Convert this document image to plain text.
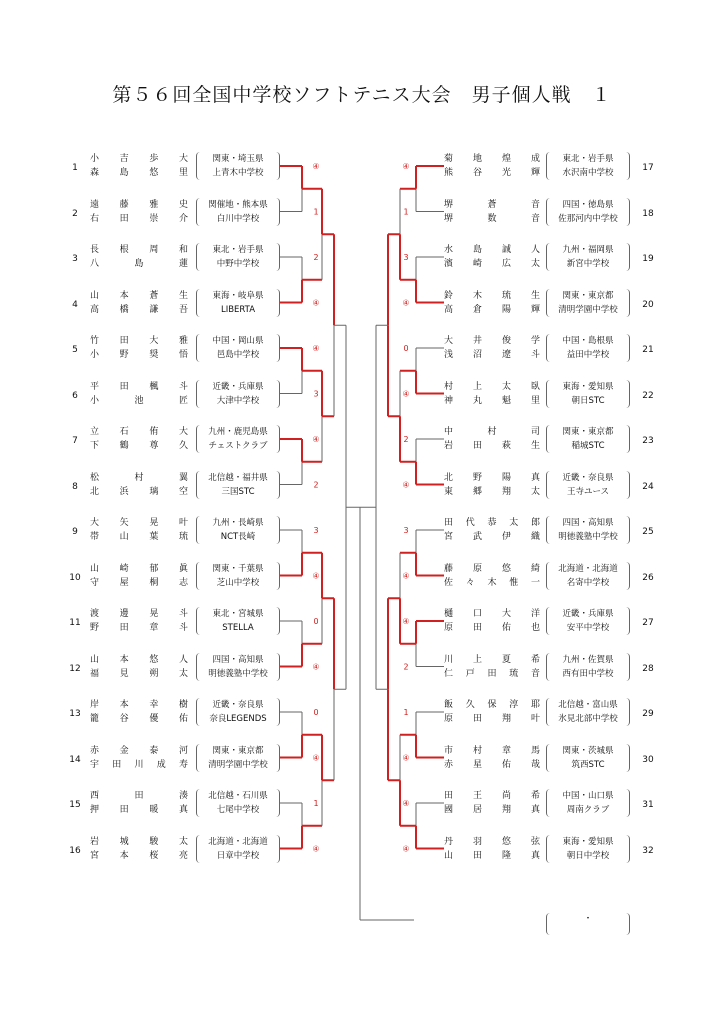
第５６回全国中学校ソフトテニス大会　男子個人戦　１
1
小吉歩大
森島悠里
関東・埼玉県
上青木中学校
2
遠藤雅史
右田崇介
関催地・熊本県
白川中学校
3
長根周和
八島蓮
東北・岩手県
中野中学校
4
山本蒼生
高橋謙吾
東海・岐阜県
LIBERTA
5
竹田大雅
小野奨悟
中国・岡山県
邑島中学校
6
平田楓斗
小池匠
近畿・兵庫県
大津中学校
7
立石侑大
下鶴尊久
九州・鹿児島県
チェストクラブ
8
松村翼
北浜璃空
北信越・福井県
三国STC
9
大矢晃叶
帯山葉琉
九州・長崎県
NCT長崎
10
山崎郁眞
守屋桐志
関東・千葉県
芝山中学校
11
渡邊晃斗
野田章斗
東北・宮城県
STELLA
12
山本悠人
福見朔太
四国・高知県
明徳義塾中学校
13
岸本幸樹
籠谷優佑
近畿・奈良県
奈良LEGENDS
14
赤金泰河
宇田川成寿
関東・東京都
清明学園中学校
15
西田湊
押田暖真
北信越・石川県
七尾中学校
16
岩城駿太
宮本桜亮
北海道・北海道
日章中学校
17
菊地煌成
熊谷光輝
東北・岩手県
水沢南中学校
18
堺蒼音
堺数音
四国・徳島県
佐那河内中学校
19
水島誠人
濱崎広太
九州・福岡県
新宮中学校
20
鈴木琉生
高倉陽輝
関東・東京都
清明学園中学校
21
大井俊学
浅沼遼斗
中国・島根県
益田中学校
22
村上太臥
神丸魁里
東海・愛知県
朝日STC
23
中村司
岩田萩生
関東・東京都
稲城STC
24
北野陽真
東郷翔太
近畿・奈良県
王寺ユース
25
田代恭太郎
宮武伊織
四国・高知県
明徳義塾中学校
26
藤原悠綺
佐々木惟一
北海道・北海道
名寄中学校
27
樋口大洋
原田佑也
近畿・兵庫県
安平中学校
28
川上夏希
仁戸田琉音
九州・佐賀県
西有田中学校
29
飯久保淳耶
原田翔叶
北信越・富山県
氷見北部中学校
30
市村章馬
赤星佑哉
関東・茨城県
筑西STC
31
田王尚希
國居翔真
中国・山口県
周南クラブ
32
丹羽悠弦
山田隆真
東海・愛知県
朝日中学校
④
1
2
④
④
3
④
2
3
④
0
④
0
④
1
④
④
1
3
④
0
④
2
④
3
④
④
2
1
④
④
④
・
